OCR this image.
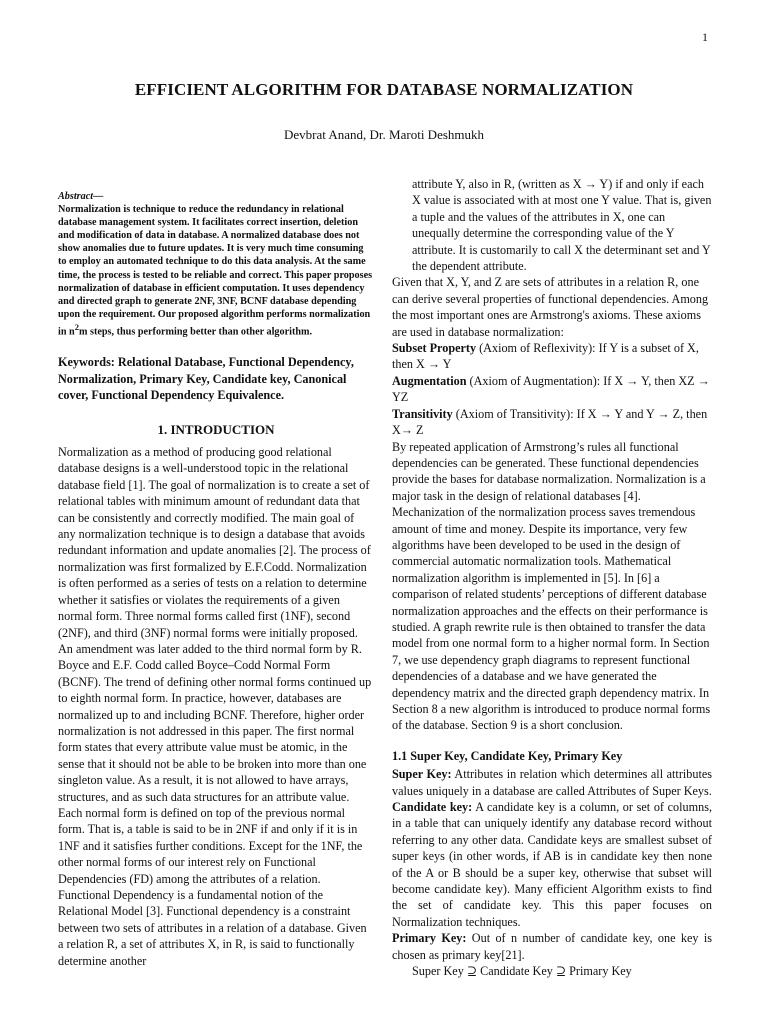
1
EFFICIENT ALGORITHM FOR DATABASE NORMALIZATION
Devbrat Anand, Dr. Maroti Deshmukh

Abstract—
Normalization is technique to reduce the redundancy in relational database management system. It facilitates correct insertion, deletion and modification of data in database. A normalized database does not show anomalies due to future updates. It is very much time consuming to employ an automated technique to do this data analysis. At the same time, the process is tested to be reliable and correct. This paper proposes normalization of database in efficient computation. It uses dependency and directed graph to generate 2NF, 3NF, BCNF database depending upon the requirement. Our proposed algorithm performs normalization in $n^2m$ steps, thus performing better than other algorithm.

Keywords: Relational Database, Functional Dependency, Normalization, Primary Key, Candidate key, Canonical cover, Functional Dependency Equivalence.

1. INTRODUCTION

Normalization as a method of producing good relational database designs is a well-understood topic in the relational database field [1]. The goal of normalization is to create a set of relational tables with minimum amount of redundant data that can be consistently and correctly modified. The main goal of any normalization technique is to design a database that avoids redundant information and update anomalies [2]. The process of normalization was first formalized by E.F.Codd. Normalization is often performed as a series of tests on a relation to determine whether it satisfies or violates the requirements of a given normal form. Three normal forms called first (1NF), second (2NF), and third (3NF) normal forms were initially proposed. An amendment was later added to the third normal form by R. Boyce and E.F. Codd called Boyce–Codd Normal Form (BCNF). The trend of defining other normal forms continued up to eighth normal form. In practice, however, databases are normalized up to and including BCNF. Therefore, higher order normalization is not addressed in this paper. The first normal form states that every attribute value must be atomic, in the sense that it should not be able to be broken into more than one singleton value. As a result, it is not allowed to have arrays, structures, and as such data structures for an attribute value. Each normal form is defined on top of the previous normal form. That is, a table is said to be in 2NF if and only if it is in 1NF and it satisfies further conditions. Except for the 1NF, the other normal forms of our interest rely on Functional Dependencies (FD) among the attributes of a relation. Functional Dependency is a fundamental notion of the Relational Model [3]. Functional dependency is a constraint between two sets of attributes in a relation of a database. Given a relation R, a set of attributes X, in R, is said to functionally determine another

attribute Y, also in R, (written as X → Y) if and only if each X value is associated with at most one Y value. That is, given a tuple and the values of the attributes in X, one can unequally determine the corresponding value of the Y attribute. It is customarily to call X the determinant set and Y the dependent attribute.

Given that X, Y, and Z are sets of attributes in a relation R, one can derive several properties of functional dependencies. Among the most important ones are Armstrong's axioms. These axioms are used in database normalization:

Subset Property (Axiom of Reflexivity): If Y is a subset of X, then X → Y

Augmentation (Axiom of Augmentation): If X → Y, then XZ → YZ

Transitivity (Axiom of Transitivity): If X → Y and Y → Z, then X→ Z

By repeated application of Armstrong’s rules all functional dependencies can be generated. These functional dependencies provide the bases for database normalization. Normalization is a major task in the design of relational databases [4]. Mechanization of the normalization process saves tremendous amount of time and money. Despite its importance, very few algorithms have been developed to be used in the design of commercial automatic normalization tools. Mathematical normalization algorithm is implemented in [5]. In [6] a comparison of related students’ perceptions of different database normalization approaches and the effects on their performance is studied. A graph rewrite rule is then obtained to transfer the data model from one normal form to a higher normal form. In Section 7, we use dependency graph diagrams to represent functional dependencies of a database and we have generated the dependency matrix and the directed graph dependency matrix. In Section 8 a new algorithm is introduced to produce normal forms of the database. Section 9 is a short conclusion.

1.1 Super Key, Candidate Key, Primary Key

Super Key: Attributes in relation which determines all attributes values uniquely in a database are called Attributes of Super Keys.

Candidate key: A candidate key is a column, or set of columns, in a table that can uniquely identify any database record without referring to any other data. Candidate keys are smallest subset of super keys (in other words, if AB is in candidate key then none of the A or B should be a super key, otherwise that subset will become candidate key). Many efficient Algorithm exists to find the set of candidate key. This this paper focuses on Normalization techniques.

Primary Key: Out of n number of candidate key, one key is chosen as primary key[21].

Super Key ⊇ Candidate Key ⊇ Primary Key
